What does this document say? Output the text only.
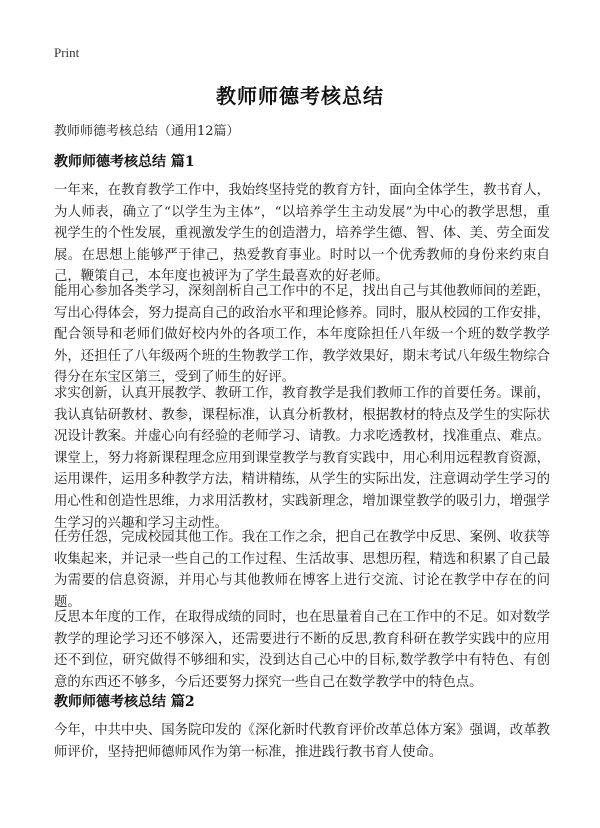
Print
教师师德考核总结
教师师德考核总结（通用12篇）
教师师德考核总结 篇1

一年来，在教育教学工作中，我始终坚持党的教育方针，面向全体学生，教书育人，为人师表，确立了“以学生为主体”，“以培养学生主动发展”为中心的教学思想，重视学生的个性发展，重视激发学生的创造潜力，培养学生德、智、体、美、劳全面发展。在思想上能够严于律己，热爱教育事业。时时以一个优秀教师的身份来约束自己，鞭策自己，本年度也被评为了学生最喜欢的好老师。

能用心参加各类学习，深刻剖析自己工作中的不足，找出自己与其他教师间的差距，写出心得体会，努力提高自己的政治水平和理论修养。同时，服从校园的工作安排，配合领导和老师们做好校内外的各项工作，本年度除担任八年级一个班的数学教学外，还担任了八年级两个班的生物教学工作，教学效果好，期末考试八年级生物综合得分在东宝区第三，受到了师生的好评。

求实创新，认真开展教学、教研工作，教育教学是我们教师工作的首要任务。课前，我认真钻研教材、教参，课程标准，认真分析教材，根据教材的特点及学生的实际状况设计教案。并虚心向有经验的老师学习、请教。力求吃透教材，找准重点、难点。课堂上，努力将新课程理念应用到课堂教学与教育实践中，用心利用远程教育资源，运用课件，运用多种教学方法，精讲精练，从学生的实际出发，注意调动学生学习的用心性和创造性思维，力求用活教材，实践新理念，增加课堂教学的吸引力，增强学生学习的兴趣和学习主动性。

任劳任怨，完成校园其他工作。我在工作之余，把自己在教学中反思、案例、收获等收集起来，并记录一些自己的工作过程、生活故事、思想历程，精选和积累了自己最为需要的信息资源，并用心与其他教师在博客上进行交流、讨论在教学中存在的问题。

反思本年度的工作，在取得成绩的同时，也在思量着自己在工作中的不足。如对数学教学的理论学习还不够深入，还需要进行不断的反思,教育科研在教学实践中的应用还不到位，研究做得不够细和实，没到达自己心中的目标,数学教学中有特色、有创意的东西还不够多，今后还要努力探究一些自己在数学教学中的特色点。

教师师德考核总结 篇2

今年，中共中央、国务院印发的《深化新时代教育评价改革总体方案》强调，改革教师评价，坚持把师德师风作为第一标准，推进践行教书育人使命。
